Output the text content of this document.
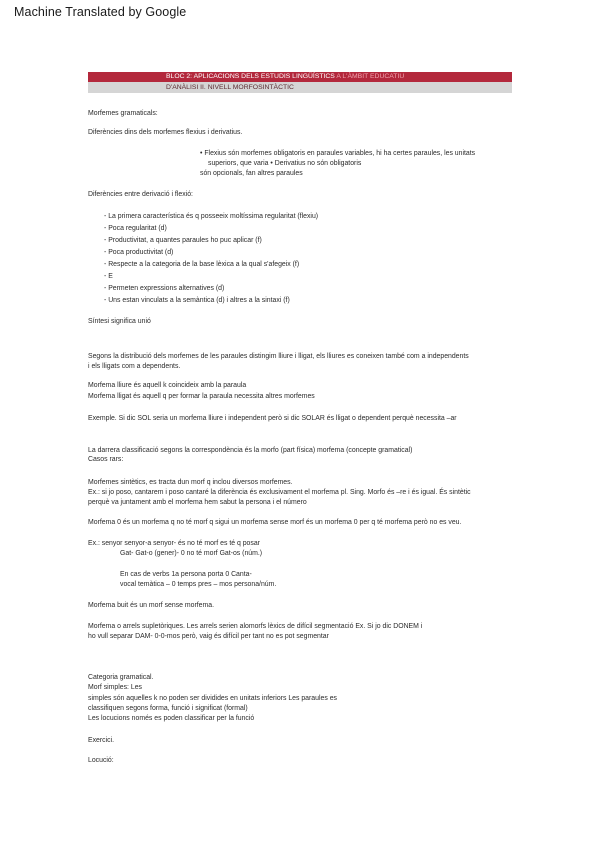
Machine Translated by Google
BLOC 2: APLICACIONS DELS ESTUDIS LINGÜÍSTICS A L'ÀMBIT EDUCATIU
D'ANÀLISI II. NIVELL MORFOSINTÀCTIC
Morfemes gramaticals:
Diferències dins dels morfemes flexius i derivatius.
• Flexius són morfemes obligatoris en paraules variables, hi ha certes paraules, les unitats
superiors, que varia • Derivatius no són obligatoris
són opcionals, fan altres paraules
Diferències entre derivació i flexió:
- La primera característica és q posseeix moltíssima regularitat (flexiu)
- Poca regularitat (d)
- Productivitat, a quantes paraules ho puc aplicar (f)
- Poca productivitat (d)
- Respecte a la categoria de la base lèxica a la qual s'afegeix (f)
- E
- Permeten expressions alternatives (d)
- Uns estan vinculats a la semàntica (d) i altres a la sintaxi (f)
Síntesi significa unió
Segons la distribució dels morfemes de les paraules distingim lliure i lligat, els lliures es coneixen també com a independents
i els lligats com a dependents.
Morfema lliure és aquell k coincideix amb la paraula
Morfema lligat és aquell q per formar la paraula necessita altres morfemes
Exemple. Si dic SOL seria un morfema lliure i independent però si dic SOLAR és lligat o dependent perquè necessita –ar
La darrera classificació segons la correspondència és la morfo (part física) morfema (concepte gramatical)
Casos rars:
Morfemes sintètics, es tracta dun morf q inclou diversos morfemes.
Ex.: si jo poso, cantarem i poso cantaré la diferència és exclusivament el morfema pl. Sing. Morfo és –re i és igual. És sintètic
perquè va juntament amb el morfema hem sabut la persona i el número
Morfema 0 és un morfema q no té morf q sigui un morfema sense morf és un morfema 0 per q té morfema però no es veu.
Ex.: senyor senyor-a senyor- és no té morf es té q posar
Gat- Gat-o (gener)- 0 no té morf Gat-os (núm.)
En cas de verbs 1a persona porta 0 Canta-
vocal temàtica – 0 temps pres – mos persona/núm.
Morfema buit és un morf sense morfema.
Morfema o arrels supletòriques. Les arrels serien alomorfs lèxics de difícil segmentació Ex. Si jo dic DONEM i
ho vull separar DAM- 0-0-mos però, vaig és difícil per tant no es pot segmentar
Categoria gramatical.
Morf simples: Les
simples són aquelles k no poden ser dividides en unitats inferiors Les paraules es
classifiquen segons forma, funció i significat (formal)
Les locucions només es poden classificar per la funció
Exercici.
Locució:
